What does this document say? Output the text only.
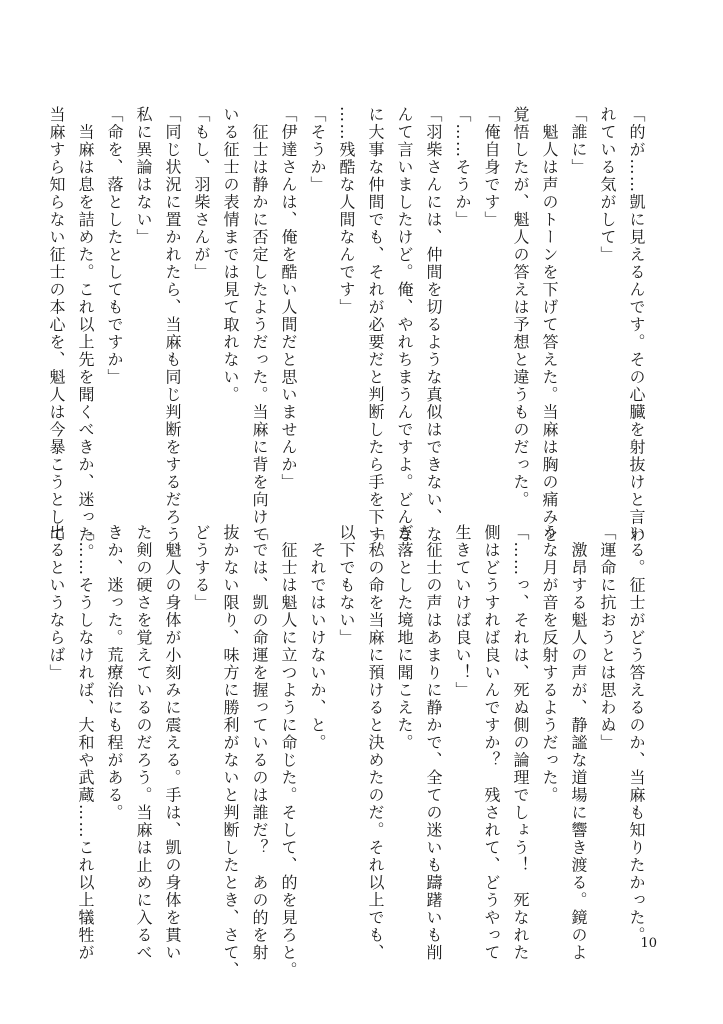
「的が……凱に見えるんです。その心臓を射抜けと言わ
れている気がして」
「誰に」
　魁人は声のトーンを下げて答えた。当麻は胸の痛みを
覚悟したが、魁人の答えは予想と違うものだった。
「俺自身です」
「……そうか」
「羽柴さんには、仲間を切るような真似はできない、な
んて言いましたけど。俺、やれちまうんですよ。どんな
に大事な仲間でも、それが必要だと判断したら手を下す。
……残酷な人間なんです」
「そうか」
「伊達さんは、俺を酷い人間だと思いませんか」
　征士は静かに否定したようだった。当麻に背を向けて
いる征士の表情までは見て取れない。
「もし、羽柴さんが」
「同じ状況に置かれたら、当麻も同じ判断をするだろう。
私に異論はない」
「命を、落としたとしてもですか」
　当麻は息を詰めた。これ以上先を聞くべきか、迷った。
当麻すら知らない征士の本心を、魁人は今暴こうとして
いる。征士がどう答えるのか、当麻も知りたかった。
「運命に抗おうとは思わぬ」
　激昂する魁人の声が、静謐な道場に響き渡る。鏡のよ
うな月が音を反射するようだった。
「……っ、それは、死ぬ側の論理でしょう！　死なれた
側はどうすれば良いんですか？　残されて、どうやって
生きていけば良い！」
　征士の声はあまりに静かで、全ての迷いも躊躇いも削
ぎ落とした境地に聞こえた。
「私の命を当麻に預けると決めたのだ。それ以上でも、
以下でもない」
　それではいけないか、と。
　征士は魁人に立つように命じた。そして、的を見ろと。
「では、凱の命運を握っているのは誰だ？　あの的を射
抜かない限り、味方に勝利がないと判断したとき、さて、
どうする」
　魁人の身体が小刻みに震える。手は、凱の身体を貫い
た剣の硬さを覚えているのだろう。当麻は止めに入るべ
きか、迷った。荒療治にも程がある。
「……そうしなければ、大和や武蔵……これ以上犠牲が
出るというならば」
10
